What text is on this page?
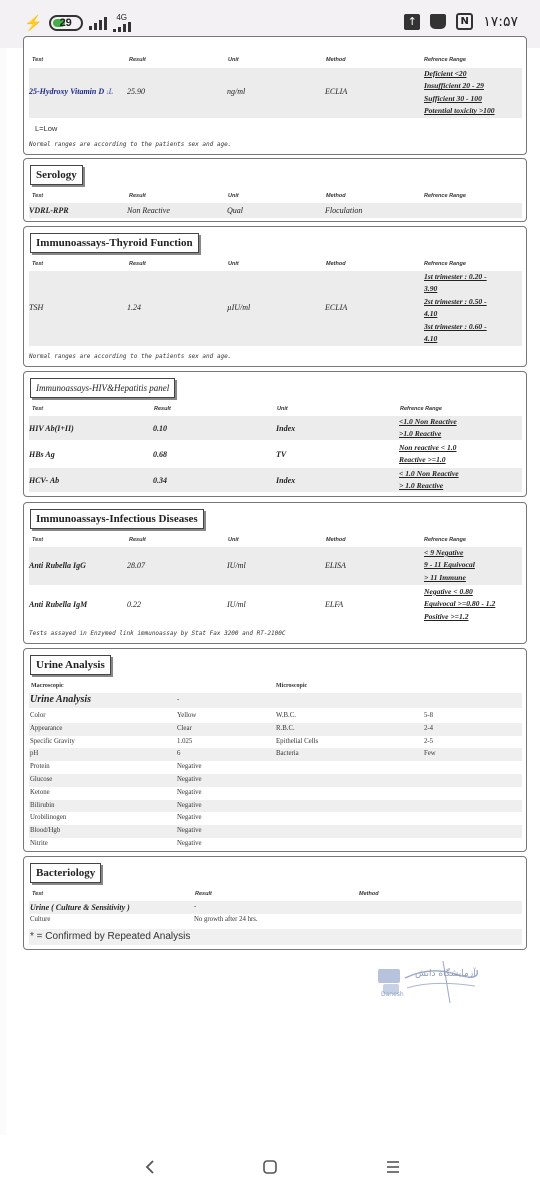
⚡ 29	4G	↑	N	۱۷:۵۷
Test	Result	Unit	Method	Refrence Range
25-Hydroxy Vitamin D ↓L 25.90	ng/ml	ECLIA
Deficient <20
Insufficient 20 - 29
Sufficient 30 - 100
Potential toxicity >100
L=Low
Normal ranges are according to the patients sex and age.
Serology
Test	Result	Unit	Method	Refrence Range
VDRL-RPR	Non Reactive	Qual	Floculation
Immunoassays-Thyroid Function
Test	Result	Unit	Method	Refrence Range
TSH	1.24	µIU/ml	ECLIA
1st trimester : 0.20 -
3.90
2st trimester : 0.50 -
4.10
3st trimester : 0.60 -
4.10
Normal ranges are according to the patients sex and age.
Immunoassays-HIV&Hepatitis panel
Test	Result	Unit	Refrence Range
HIV Ab(I+II)	0.10	Index
<1.0 Non Reactive
>1.0 Reactive
HBs Ag	0.68	TV
Non reactive < 1.0
Reactive >=1.0
HCV- Ab	0.34	Index
< 1.0 Non Reactive
> 1.0 Reactive
Immunoassays-Infectious Diseases
Test	Result	Unit	Method	Refrence Range
Anti Rubella IgG	28.07	IU/ml	ELISA
< 9 Negative
9 - 11 Equivocal
> 11 Immune
Anti Rubella IgM	0.22	IU/ml	ELFA
Negative < 0.80
Equivocal >=0.80 - 1.2
Positive >=1.2
Tests assayed in Enzymed link immunoassay by Stat Fax 3200 and RT-2100C
Urine Analysis
Macroscopic	Microscopic
Urine Analysis	-
Color	Yellow	W.B.C.	5-8
Appearance	Clear	R.B.C.	2-4
Specific Gravity	1.025	Epithelial Cells	2-5
pH	6	Bacteria	Few
Protein	Negative
Glucose	Negative
Ketone	Negative
Bilirubin	Negative
Urobilinogen	Negative
Blood/Hgb	Negative
Nitrite	Negative
Bacteriology
Test	Result	Method
Urine ( Culture & Sensitivity )	-
Culture	No growth after 24 hrs.
* = Confirmed by Repeated Analysis
آزمایشگاه دانش
Danesh
